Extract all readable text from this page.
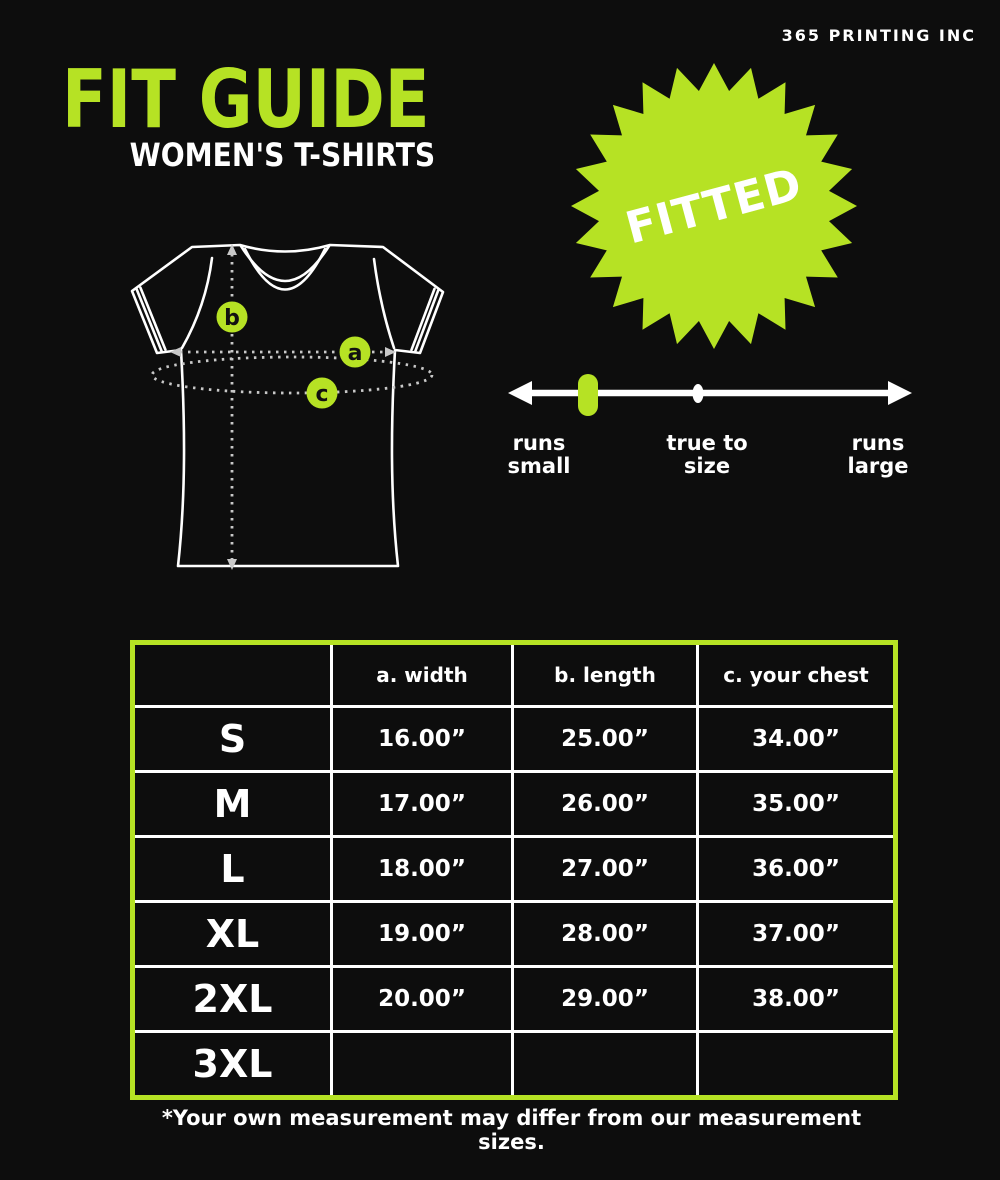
365 PRINTING INC
FIT GUIDE
WOMEN'S T-SHIRTS
FITTED
b
a
c
runs
small
true to
size
runs
large
	a. width	b. length	c. your chest
S	16.00”	25.00”	34.00”
M	17.00”	26.00”	35.00”
L	18.00”	27.00”	36.00”
XL	19.00”	28.00”	37.00”
2XL	20.00”	29.00”	38.00”
3XL			
*Your own measurement may differ from our measurement sizes.
